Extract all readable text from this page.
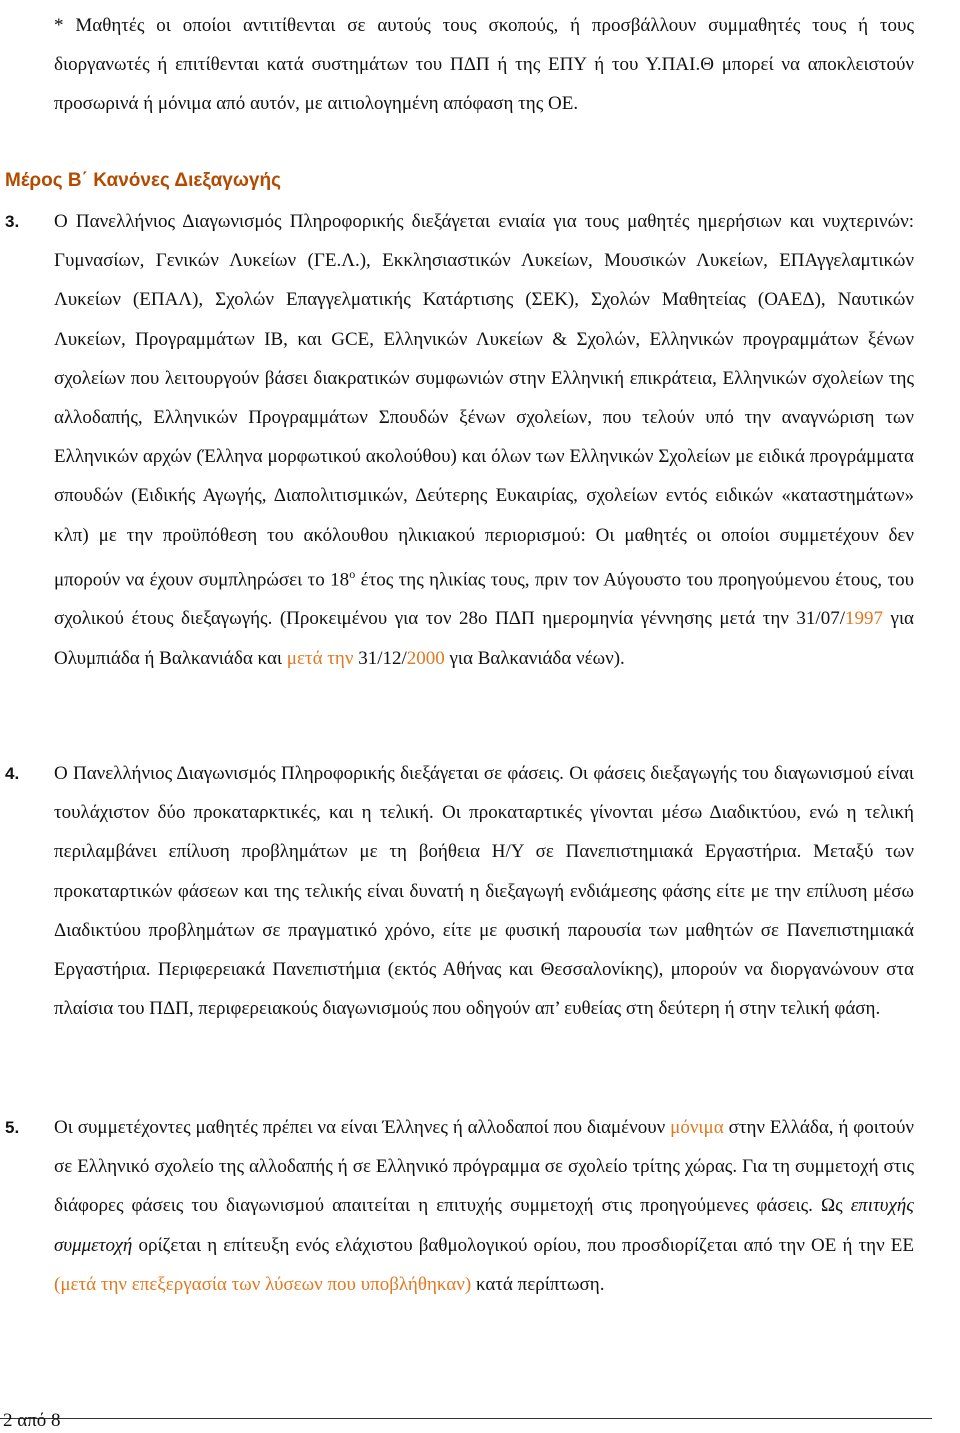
* Μαθητές οι οποίοι αντιτίθενται σε αυτούς τους σκοπούς, ή προσβάλλουν συμμαθητές τους ή τους διοργανωτές ή επιτίθενται κατά συστημάτων του ΠΔΠ ή της ΕΠΥ ή του Υ.ΠΑΙ.Θ μπορεί να αποκλειστούν προσωρινά ή μόνιμα από αυτόν, με αιτιολογημένη απόφαση της ΟΕ.
Μέρος Β΄ Κανόνες Διεξαγωγής
3. Ο Πανελλήνιος Διαγωνισμός Πληροφορικής διεξάγεται ενιαία για τους μαθητές ημερήσιων και νυχτερινών: Γυμνασίων, Γενικών Λυκείων (ΓΕ.Λ.), Εκκλησιαστικών Λυκείων, Μουσικών Λυκείων, ΕΠΑγγελαμτικών Λυκείων (ΕΠΑΛ), Σχολών Επαγγελματικής Κατάρτισης (ΣΕΚ), Σχολών Μαθητείας (ΟΑΕΔ), Ναυτικών Λυκείων, Προγραμμάτων IB, και GCE, Ελληνικών Λυκείων & Σχολών, Ελληνικών προγραμμάτων ξένων σχολείων που λειτουργούν βάσει διακρατικών συμφωνιών στην Ελληνική επικράτεια, Ελληνικών σχολείων της αλλοδαπής, Ελληνικών Προγραμμάτων Σπουδών ξένων σχολείων, που τελούν υπό την αναγνώριση των Ελληνικών αρχών (Έλληνα μορφωτικού ακολούθου) και όλων των Ελληνικών Σχολείων με ειδικά προγράμματα σπουδών (Ειδικής Αγωγής, Διαπολιτισμικών, Δεύτερης Ευκαιρίας, σχολείων εντός ειδικών «καταστημάτων» κλπ) με την προϋπόθεση του ακόλουθου ηλικιακού περιορισμού: Οι μαθητές οι οποίοι συμμετέχουν δεν μπορούν να έχουν συμπληρώσει το $18^o$ έτος της ηλικίας τους, πριν τον Αύγουστο του προηγούμενου έτους, του σχολικού έτους διεξαγωγής. (Προκειμένου για τον 28ο ΠΔΠ ημερομηνία γέννησης μετά την 31/07/1997 για Ολυμπιάδα ή Βαλκανιάδα και μετά την 31/12/2000 για Βαλκανιάδα νέων).
4. Ο Πανελλήνιος Διαγωνισμός Πληροφορικής διεξάγεται σε φάσεις. Οι φάσεις διεξαγωγής του διαγωνισμού είναι τουλάχιστον δύο προκαταρκτικές, και η τελική. Οι προκαταρτικές γίνονται μέσω Διαδικτύου, ενώ η τελική περιλαμβάνει επίλυση προβλημάτων με τη βοήθεια Η/Υ σε Πανεπιστημιακά Εργαστήρια. Μεταξύ των προκαταρτικών φάσεων και της τελικής είναι δυνατή η διεξαγωγή ενδιάμεσης φάσης είτε με την επίλυση μέσω Διαδικτύου προβλημάτων σε πραγματικό χρόνο, είτε με φυσική παρουσία των μαθητών σε Πανεπιστημιακά Εργαστήρια. Περιφερειακά Πανεπιστήμια (εκτός Αθήνας και Θεσσαλονίκης), μπορούν να διοργανώνουν στα πλαίσια του ΠΔΠ, περιφερειακούς διαγωνισμούς που οδηγούν απ’ ευθείας στη δεύτερη ή στην τελική φάση.
5. Οι συμμετέχοντες μαθητές πρέπει να είναι Έλληνες ή αλλοδαποί που διαμένουν μόνιμα στην Ελλάδα, ή φοιτούν σε Ελληνικό σχολείο της αλλοδαπής ή σε Ελληνικό πρόγραμμα σε σχολείο τρίτης χώρας. Για τη συμμετοχή στις διάφορες φάσεις του διαγωνισμού απαιτείται η επιτυχής συμμετοχή στις προηγούμενες φάσεις. Ως επιτυχής συμμετοχή ορίζεται η επίτευξη ενός ελάχιστου βαθμολογικού ορίου, που προσδιορίζεται από την ΟΕ ή την ΕΕ (μετά την επεξεργασία των λύσεων που υποβλήθηκαν) κατά περίπτωση.
2 από 8
